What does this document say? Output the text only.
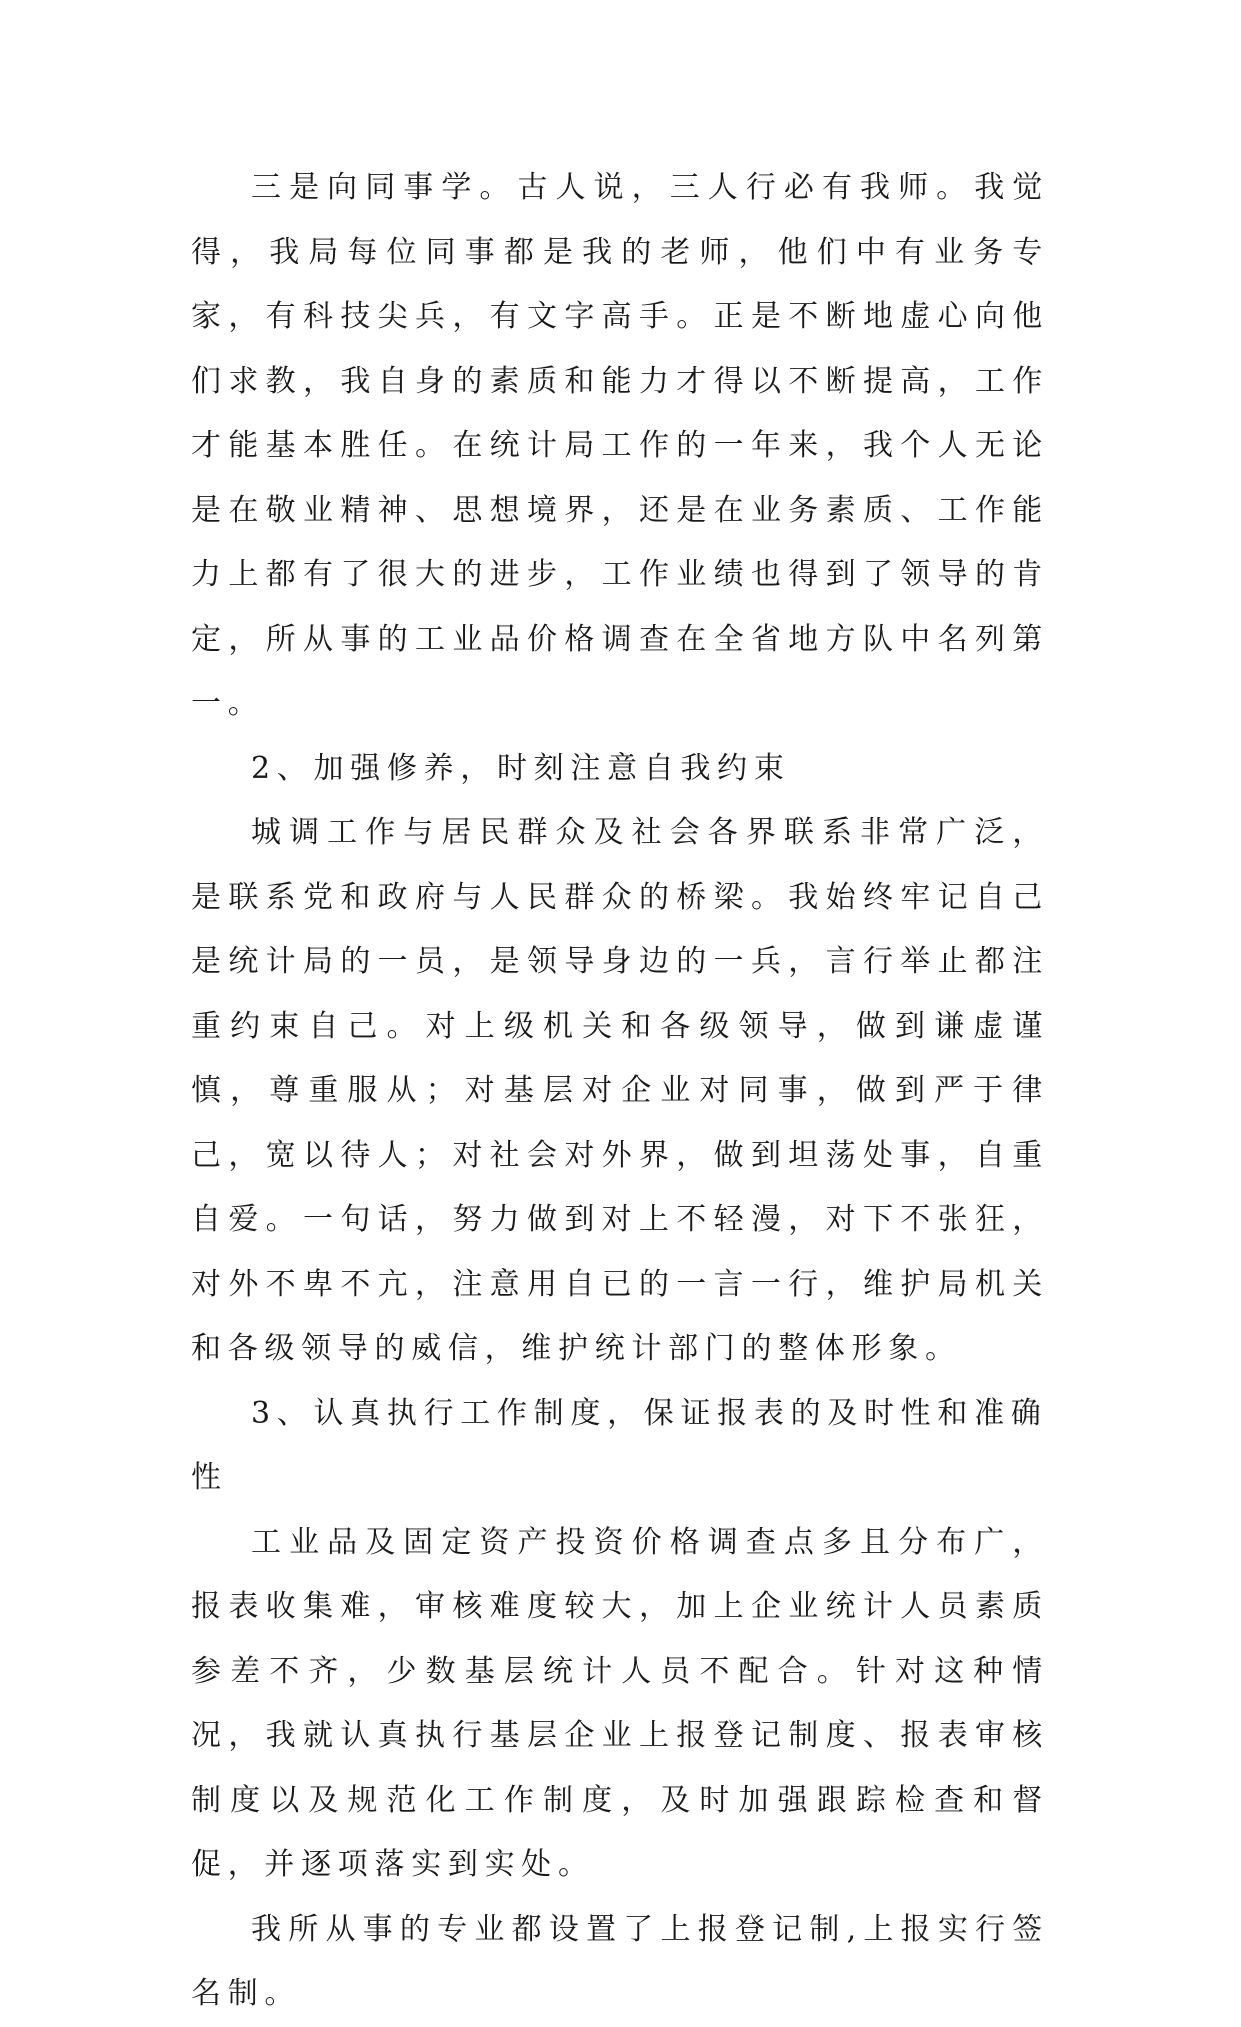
三是向同事学。古人说，三人行必有我师。我觉得，我局每位同事都是我的老师，他们中有业务专家，有科技尖兵，有文字高手。正是不断地虚心向他们求教，我自身的素质和能力才得以不断提高，工作才能基本胜任。在统计局工作的一年来，我个人无论是在敬业精神、思想境界，还是在业务素质、工作能力上都有了很大的进步，工作业绩也得到了领导的肯定，所从事的工业品价格调查在全省地方队中名列第一。

2、加强修养，时刻注意自我约束

城调工作与居民群众及社会各界联系非常广泛，是联系党和政府与人民群众的桥梁。我始终牢记自己是统计局的一员，是领导身边的一兵，言行举止都注重约束自己。对上级机关和各级领导，做到谦虚谨慎，尊重服从；对基层对企业对同事，做到严于律己，宽以待人；对社会对外界，做到坦荡处事，自重自爱。一句话，努力做到对上不轻漫，对下不张狂，对外不卑不亢，注意用自已的一言一行，维护局机关和各级领导的威信，维护统计部门的整体形象。

3、认真执行工作制度，保证报表的及时性和准确性

工业品及固定资产投资价格调查点多且分布广，报表收集难，审核难度较大，加上企业统计人员素质参差不齐，少数基层统计人员不配合。针对这种情况，我就认真执行基层企业上报登记制度、报表审核制度以及规范化工作制度，及时加强跟踪检查和督促，并逐项落实到实处。

我所从事的专业都设置了上报登记制,上报实行签名制。
